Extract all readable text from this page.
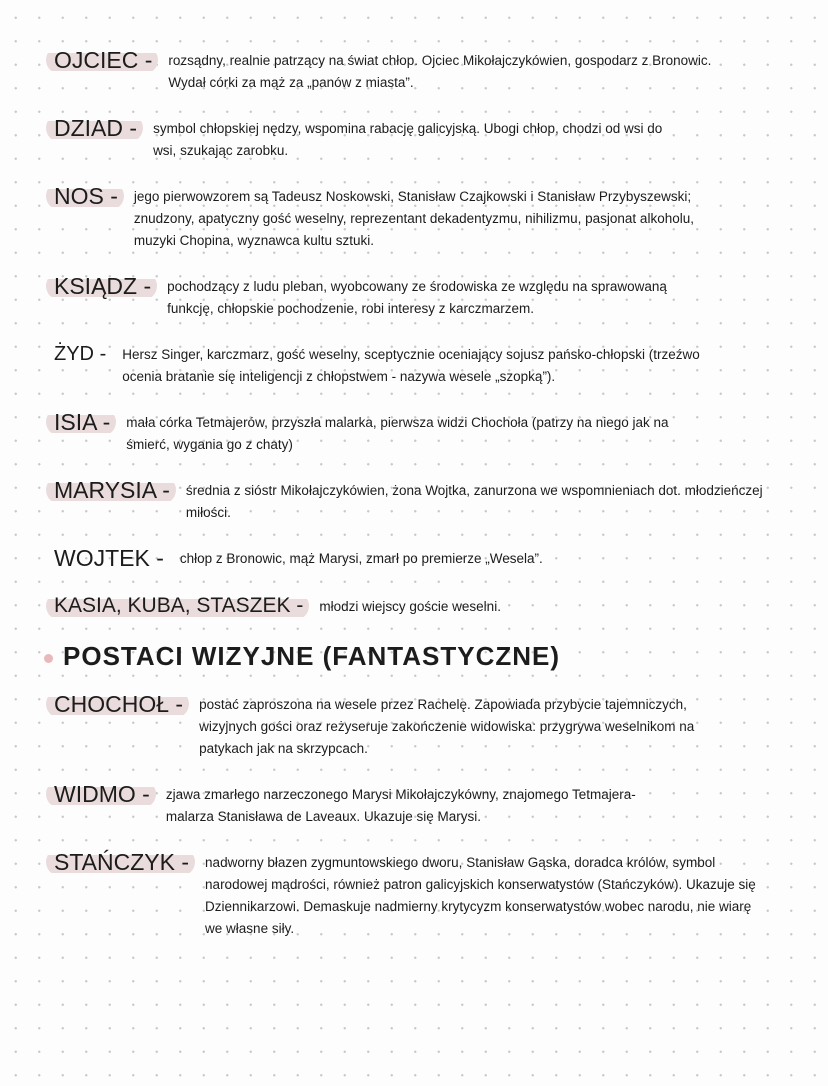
OJCIEC -	rozsądny, realnie patrzący na świat chłop. Ojciec Mikołajczykówien, gospodarz z Bronowic.
Wydał córki za mąż za „panów z miasta”.
DZIAD -	symbol chłopskiej nędzy, wspomina rabację galicyjską. Ubogi chłop, chodzi od wsi do
wsi, szukając zarobku.
NOS -	jego pierwowzorem są Tadeusz Noskowski, Stanisław Czajkowski i Stanisław Przybyszewski;
znudzony, apatyczny gość weselny, reprezentant dekadentyzmu, nihilizmu, pasjonat alkoholu,
muzyki Chopina, wyznawca kultu sztuki.
KSIĄDZ -	pochodzący z ludu pleban, wyobcowany ze środowiska ze względu na sprawowaną
funkcję, chłopskie pochodzenie, robi interesy z karczmarzem.
ŻYD -	Hersz Singer, karczmarz, gość weselny, sceptycznie oceniający sojusz pańsko-chłopski (trzeźwo
ocenia bratanie się inteligencji z chłopstwem - nazywa wesele „szopką”).
ISIA -	mała córka Tetmajerów, przyszła malarka, pierwsza widzi Chochoła (patrzy na niego jak na
śmierć, wygania go z chaty)
MARYSIA -	średnia z sióstr Mikołajczykówien, żona Wojtka, zanurzona we wspomnieniach dot. młodzieńczej
miłości.
WOJTEK -	chłop z Bronowic, mąż Marysi, zmarł po premierze „Wesela”.
KASIA, KUBA, STASZEK -	młodzi wiejscy goście weselni.
POSTACI WIZYJNE (FANTASTYCZNE)
CHOCHOŁ -	postać zaproszona na wesele przez Rachelę. Zapowiada przybycie tajemniczych,
wizyjnych gości oraz reżyseruje zakończenie widowiska: przygrywa weselnikom na
patykach jak na skrzypcach.
WIDMO -	zjawa zmarłego narzeczonego Marysi Mikołajczykówny, znajomego Tetmajera-
malarza Stanisława de Laveaux. Ukazuje się Marysi.
STAŃCZYK -	nadworny błazen zygmuntowskiego dworu, Stanisław Gąska, doradca królów, symbol
narodowej mądrości, również patron galicyjskich konserwatystów (Stańczyków). Ukazuje się
Dziennikarzowi. Demaskuje nadmierny krytycyzm konserwatystów wobec narodu, nie wiarę
we własne siły.
